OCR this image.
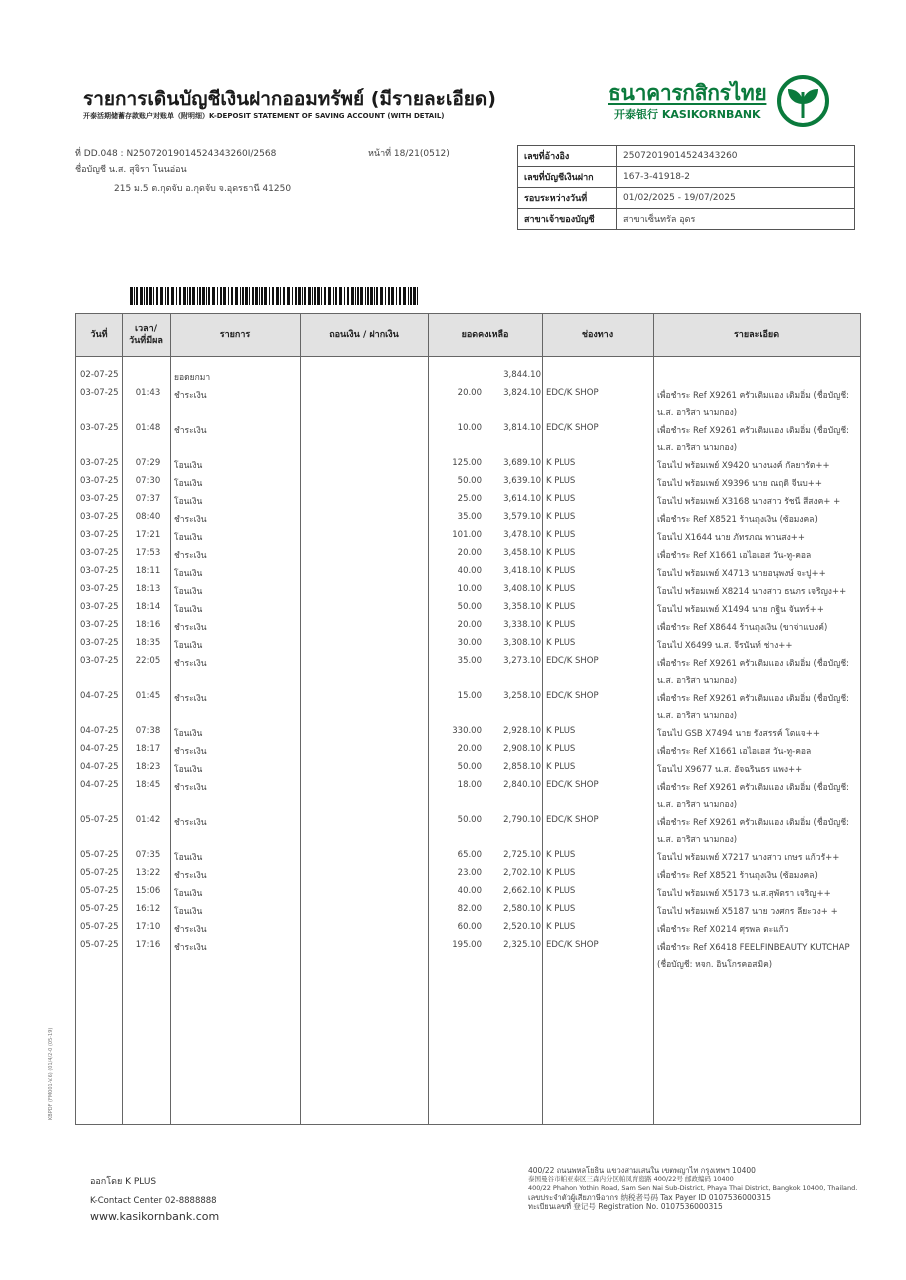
รายการเดินบัญชีเงินฝากออมทรัพย์ (มีรายละเอียด)
开泰活期储蓄存款账户对账单（附明细）K-DEPOSIT STATEMENT OF SAVING ACCOUNT (WITH DETAIL)
ธนาคารกสิกรไทย
开泰银行 KASIKORNBANK
ที่ DD.048 : N25072019014524343260I/2568	หน้าที่ 18/21(0512)
ชื่อบัญชี น.ส. สุจิรา โนนอ่อน
215 ม.5 ต.กุดจับ อ.กุดจับ จ.อุดรธานี 41250
เลขที่อ้างอิง	25072019014524343260
เลขที่บัญชีเงินฝาก	167-3-41918-2
รอบระหว่างวันที่	01/02/2025 - 19/07/2025
สาขาเจ้าของบัญชี	สาขาเซ็นทรัล อุดร
วันที่
เวลา/
วันที่มีผล
รายการ	ถอนเงิน / ฝากเงิน	ยอดคงเหลือ	ช่องทาง	รายละเอียด
02-07-25	ยอดยกมา	3,844.10
03-07-25	01:43	ชำระเงิน	20.00	3,824.10 EDC/K SHOP	เพื่อชำระ Ref X9261 ครัวเติมแอง เติมอิ่ม (ชื่อบัญชี: น.ส. อาริสา นามกอง)
03-07-25	01:48	ชำระเงิน	10.00	3,814.10 EDC/K SHOP	เพื่อชำระ Ref X9261 ครัวเติมแอง เติมอิ่ม (ชื่อบัญชี: น.ส. อาริสา นามกอง)
03-07-25	07:29	โอนเงิน	125.00	3,689.10 K PLUS	โอนไป พร้อมเพย์ X9420 นางนงค์ กัลยารัต++
03-07-25	07:30	โอนเงิน	50.00	3,639.10 K PLUS	โอนไป พร้อมเพย์ X9396 นาย ณฤดิ จีนบ++
03-07-25	07:37	โอนเงิน	25.00	3,614.10 K PLUS	โอนไป พร้อมเพย์ X3168 นางสาว รัชนี สีสงค+ +
03-07-25	08:40	ชำระเงิน	35.00	3,579.10 K PLUS	เพื่อชำระ Ref X8521 ร้านถุงเงิน (ซ้อมงคล)
03-07-25	17:21	โอนเงิน	101.00	3,478.10 K PLUS	โอนไป X1644 นาย ภัทรภณ พานสง++
03-07-25	17:53	ชำระเงิน	20.00	3,458.10 K PLUS	เพื่อชำระ Ref X1661 เอไอเอส วัน-ทู-คอล
03-07-25	18:11	โอนเงิน	40.00	3,418.10 K PLUS	โอนไป พร้อมเพย์ X4713 นายอนุพงษ์ จะปู++
03-07-25	18:13	โอนเงิน	10.00	3,408.10 K PLUS	โอนไป พร้อมเพย์ X8214 นางสาว ธนภร เจริญง++
03-07-25	18:14	โอนเงิน	50.00	3,358.10 K PLUS	โอนไป พร้อมเพย์ X1494 นาย กฐิน จันทร์++
03-07-25	18:16	ชำระเงิน	20.00	3,338.10 K PLUS	เพื่อชำระ Ref X8644 ร้านถุงเงิน (ขาจ่าแบงค์)
03-07-25	18:35	โอนเงิน	30.00	3,308.10 K PLUS	โอนไป X6499 น.ส. จีรนันท์ ช่าง++
03-07-25	22:05	ชำระเงิน	35.00	3,273.10 EDC/K SHOP	เพื่อชำระ Ref X9261 ครัวเติมแอง เติมอิ่ม (ชื่อบัญชี: น.ส. อาริสา นามกอง)
04-07-25	01:45	ชำระเงิน	15.00	3,258.10 EDC/K SHOP	เพื่อชำระ Ref X9261 ครัวเติมแอง เติมอิ่ม (ชื่อบัญชี: น.ส. อาริสา นามกอง)
04-07-25	07:38	โอนเงิน	330.00	2,928.10 K PLUS	โอนไป GSB X7494 นาย รังสรรค์ โตแจ++
04-07-25	18:17	ชำระเงิน	20.00	2,908.10 K PLUS	เพื่อชำระ Ref X1661 เอไอเอส วัน-ทู-คอล
04-07-25	18:23	โอนเงิน	50.00	2,858.10 K PLUS	โอนไป X9677 น.ส. อัจฉรินธร แพง++
04-07-25	18:45	ชำระเงิน	18.00	2,840.10 EDC/K SHOP	เพื่อชำระ Ref X9261 ครัวเติมแอง เติมอิ่ม (ชื่อบัญชี: น.ส. อาริสา นามกอง)
05-07-25	01:42	ชำระเงิน	50.00	2,790.10 EDC/K SHOP	เพื่อชำระ Ref X9261 ครัวเติมแอง เติมอิ่ม (ชื่อบัญชี: น.ส. อาริสา นามกอง)
05-07-25	07:35	โอนเงิน	65.00	2,725.10 K PLUS	โอนไป พร้อมเพย์ X7217 นางสาว เกษร แก้วรั++
05-07-25	13:22	ชำระเงิน	23.00	2,702.10 K PLUS	เพื่อชำระ Ref X8521 ร้านถุงเงิน (ซ้อมงคล)
05-07-25	15:06	โอนเงิน	40.00	2,662.10 K PLUS	โอนไป พร้อมเพย์ X5173 น.ส.สุพัตรา เจริญ++
05-07-25	16:12	โอนเงิน	82.00	2,580.10 K PLUS	โอนไป พร้อมเพย์ X5187 นาย วงศกร ลียะวง+ +
05-07-25	17:10	ชำระเงิน	60.00	2,520.10 K PLUS	เพื่อชำระ Ref X0214 ศุรพล ตะแก้ว
05-07-25	17:16	ชำระเงิน	195.00	2,325.10 EDC/K SHOP	เพื่อชำระ Ref X6418 FEELFINBEAUTY KUTCHAP (ชื่อบัญชี: หจก. อินโกรคอสมิค)
ออกโดย K PLUS
K-Contact Center 02-8888888
www.kasikornbank.com
400/22 ถนนพหลโยธิน แขวงสามเสนใน เขตพญาไท กรุงเทพฯ 10400
泰国曼谷市帕亚泰区三森内分区帕凤育庭路 400/22号 邮政编码 10400
400/22 Phahon Yothin Road, Sam Sen Nai Sub-District, Phaya Thai District, Bangkok 10400, Thailand.
เลขประจำตัวผู้เสียภาษีอากร 纳税者号码 Tax Payer ID 0107536000315
ทะเบียนเลขที่ 登记号 Registration No. 0107536000315
KBPDF (FM001-V.6) (01/4/2-0 (05-19)
